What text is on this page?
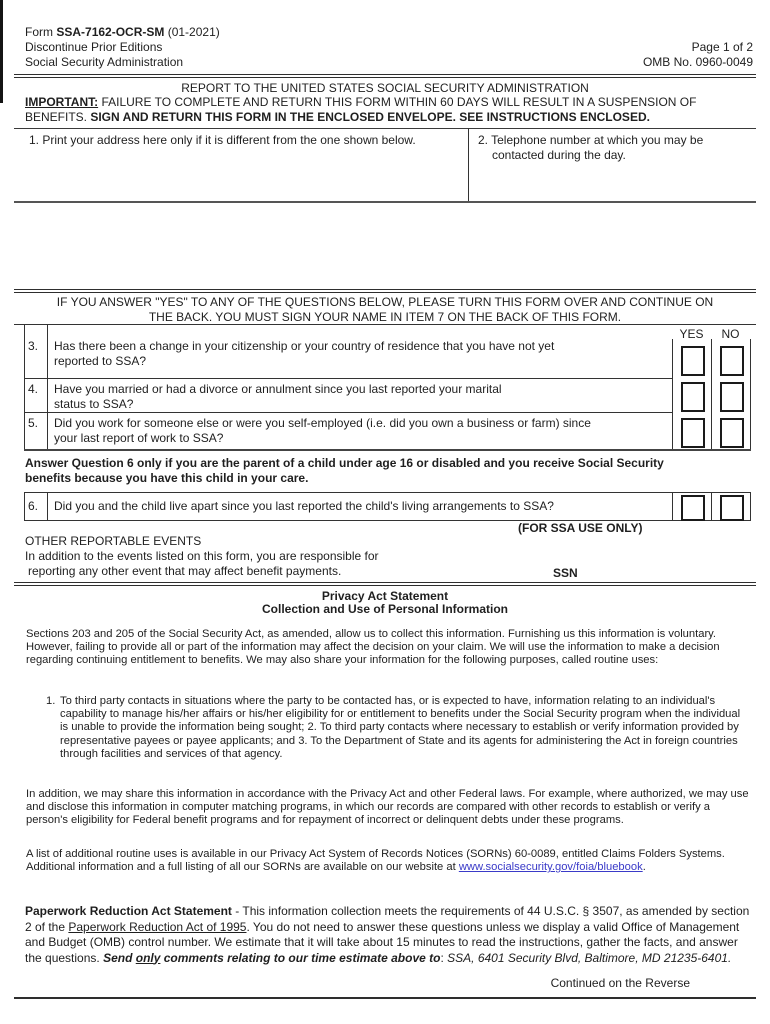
Form SSA-7162-OCR-SM (01-2021)
Discontinue Prior Editions
Social Security Administration
Page 1 of 2
OMB No. 0960-0049
REPORT TO THE UNITED STATES SOCIAL SECURITY ADMINISTRATION
IMPORTANT: FAILURE TO COMPLETE AND RETURN THIS FORM WITHIN 60 DAYS WILL RESULT IN A SUSPENSION OF
BENEFITS. SIGN AND RETURN THIS FORM IN THE ENCLOSED ENVELOPE. SEE INSTRUCTIONS ENCLOSED.
1. Print your address here only if it is different from the one shown below.	2. Telephone number at which you may be contacted during the day.
IF YOU ANSWER "YES" TO ANY OF THE QUESTIONS BELOW, PLEASE TURN THIS FORM OVER AND CONTINUE ON
THE BACK. YOU MUST SIGN YOUR NAME IN ITEM 7 ON THE BACK OF THIS FORM.
YES	NO
3.	Has there been a change in your citizenship or your country of residence that you have not yet
reported to SSA?
4.	Have you married or had a divorce or annulment since you last reported your marital
status to SSA?
5.	Did you work for someone else or were you self-employed (i.e. did you own a business or farm) since
your last report of work to SSA?
Answer Question 6 only if you are the parent of a child under age 16 or disabled and you receive Social Security
benefits because you have this child in your care.
6.	Did you and the child live apart since you last reported the child's living arrangements to SSA?
(FOR SSA USE ONLY)
OTHER REPORTABLE EVENTS
In addition to the events listed on this form, you are responsible for
reporting any other event that may affect benefit payments.	SSN
Privacy Act Statement
Collection and Use of Personal Information
Sections 203 and 205 of the Social Security Act, as amended, allow us to collect this information. Furnishing us this information is voluntary. However, failing to provide all or part of the information may affect the decision on your claim. We will use the information to make a decision regarding continuing entitlement to benefits. We may also share your information for the following purposes, called routine uses:
1. To third party contacts in situations where the party to be contacted has, or is expected to have, information relating to an individual's capability to manage his/her affairs or his/her eligibility for or entitlement to benefits under the Social Security program when the individual is unable to provide the information being sought; 2. To third party contacts where necessary to establish or verify information provided by representative payees or payee applicants; and 3. To the Department of State and its agents for administering the Act in foreign countries through facilities and services of that agency.
In addition, we may share this information in accordance with the Privacy Act and other Federal laws. For example, where authorized, we may use and disclose this information in computer matching programs, in which our records are compared with other records to establish or verify a person's eligibility for Federal benefit programs and for repayment of incorrect or delinquent debts under these programs.
A list of additional routine uses is available in our Privacy Act System of Records Notices (SORNs) 60-0089, entitled Claims Folders Systems. Additional information and a full listing of all our SORNs are available on our website at www.socialsecurity.gov/foia/bluebook.
Paperwork Reduction Act Statement - This information collection meets the requirements of 44 U.S.C. § 3507, as amended by section 2 of the Paperwork Reduction Act of 1995. You do not need to answer these questions unless we display a valid Office of Management and Budget (OMB) control number. We estimate that it will take about 15 minutes to read the instructions, gather the facts, and answer the questions. Send only comments relating to our time estimate above to: SSA, 6401 Security Blvd, Baltimore, MD 21235-6401.
Continued on the Reverse
